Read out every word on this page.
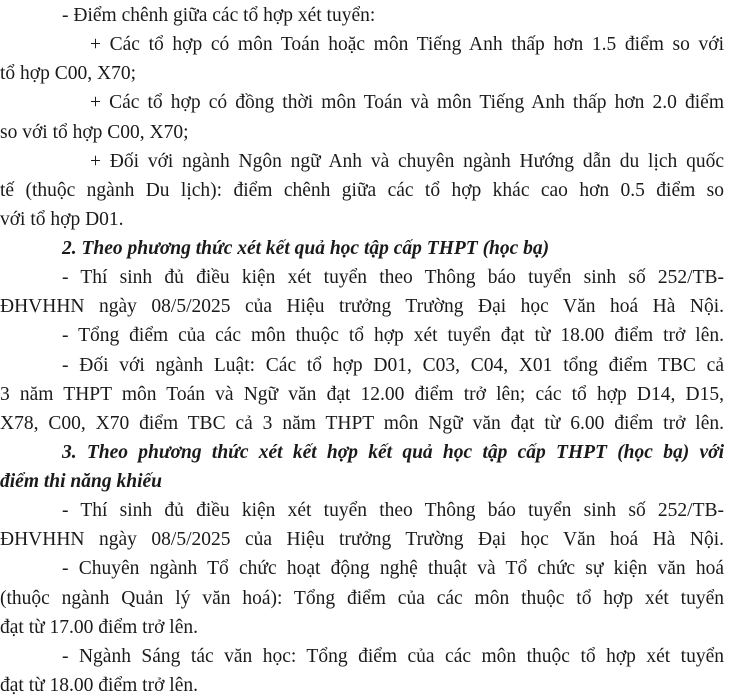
- Điểm chênh giữa các tổ hợp xét tuyển:
+ Các tổ hợp có môn Toán hoặc môn Tiếng Anh thấp hơn 1.5 điểm so với
tổ hợp C00, X70;
+ Các tổ hợp có đồng thời môn Toán và môn Tiếng Anh thấp hơn 2.0 điểm
so với tổ hợp C00, X70;
+ Đối với ngành Ngôn ngữ Anh và chuyên ngành Hướng dẫn du lịch quốc
tế (thuộc ngành Du lịch): điểm chênh giữa các tổ hợp khác cao hơn 0.5 điểm so
với tổ hợp D01.
2. Theo phương thức xét kết quả học tập cấp THPT (học bạ)
- Thí sinh đủ điều kiện xét tuyển theo Thông báo tuyển sinh số 252/TB-
ĐHVHHN ngày 08/5/2025 của Hiệu trưởng Trường Đại học Văn hoá Hà Nội.
- Tổng điểm của các môn thuộc tổ hợp xét tuyển đạt từ 18.00 điểm trở lên.
- Đối với ngành Luật: Các tổ hợp D01, C03, C04, X01 tổng điểm TBC cả
3 năm THPT môn Toán và Ngữ văn đạt 12.00 điểm trở lên; các tổ hợp D14, D15,
X78, C00, X70 điểm TBC cả 3 năm THPT môn Ngữ văn đạt từ 6.00 điểm trở lên.
3. Theo phương thức xét kết hợp kết quả học tập cấp THPT (học bạ) với
điểm thi năng khiếu
- Thí sinh đủ điều kiện xét tuyển theo Thông báo tuyển sinh số 252/TB-
ĐHVHHN ngày 08/5/2025 của Hiệu trưởng Trường Đại học Văn hoá Hà Nội.
- Chuyên ngành Tổ chức hoạt động nghệ thuật và Tổ chức sự kiện văn hoá
(thuộc ngành Quản lý văn hoá): Tổng điểm của các môn thuộc tổ hợp xét tuyển
đạt từ 17.00 điểm trở lên.
- Ngành Sáng tác văn học: Tổng điểm của các môn thuộc tổ hợp xét tuyển
đạt từ 18.00 điểm trở lên.
